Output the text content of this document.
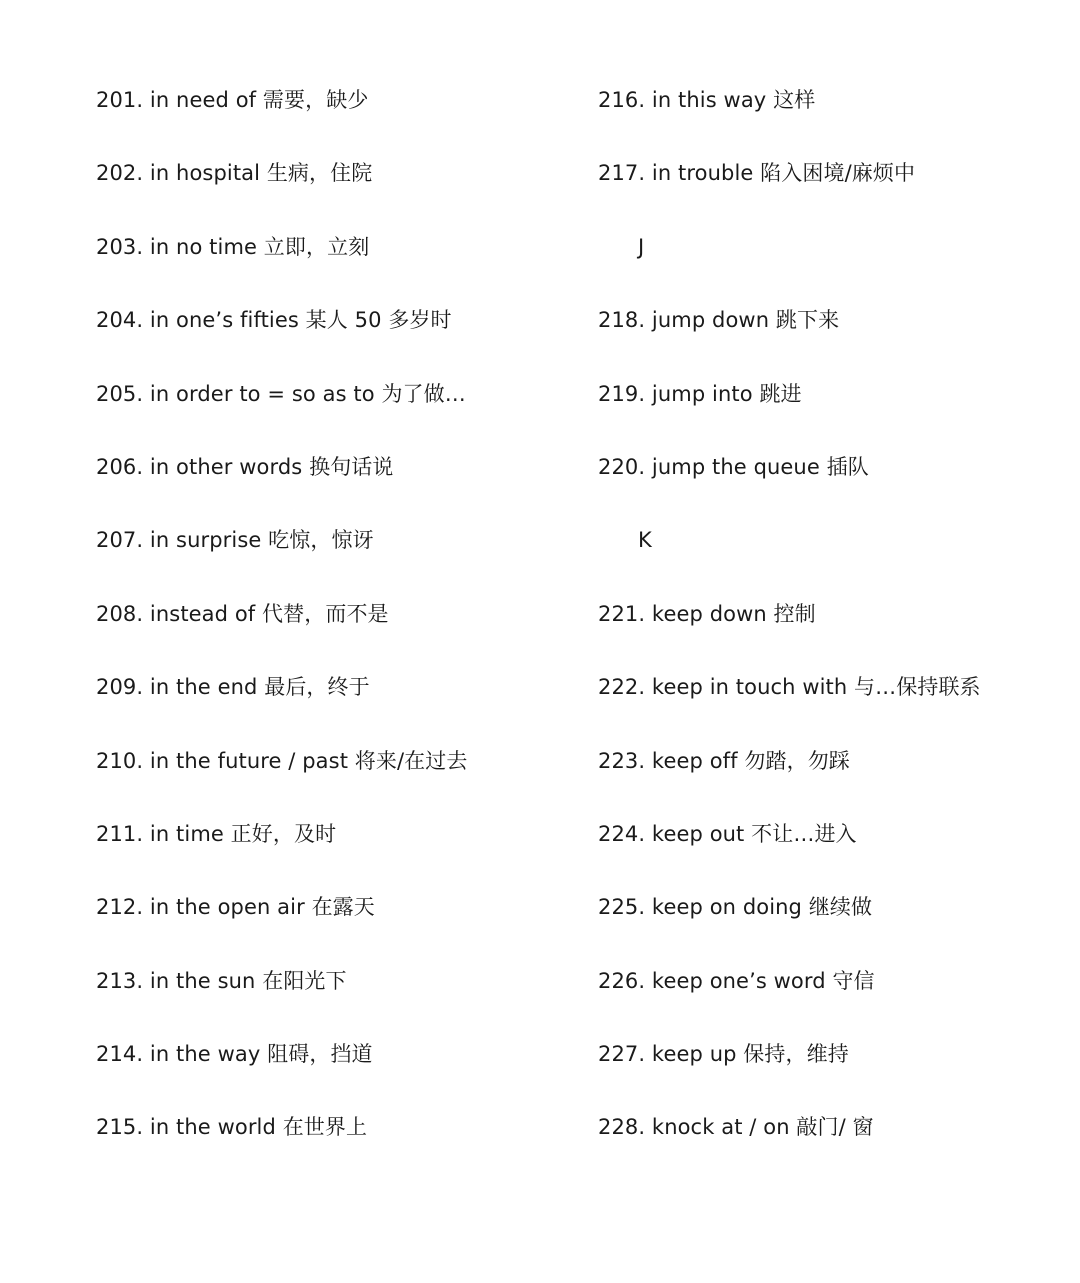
201. in need of 需要，缺少
202. in hospital 生病，住院
203. in no time 立即，立刻
204. in one’s fifties 某人 50 多岁时
205. in order to = so as to 为了做…
206. in other words 换句话说
207. in surprise 吃惊，惊讶
208. instead of 代替，而不是
209. in the end 最后，终于
210. in the future / past 将来/在过去
211. in time 正好，及时
212. in the open air 在露天
213. in the sun 在阳光下
214. in the way 阻碍，挡道
215. in the world 在世界上
216. in this way 这样
217. in trouble 陷入困境/麻烦中
J
218. jump down 跳下来
219. jump into 跳进
220. jump the queue 插队
K
221. keep down 控制
222. keep in touch with 与…保持联系
223. keep off 勿踏，勿踩
224. keep out 不让…进入
225. keep on doing 继续做
226. keep one’s word 守信
227. keep up 保持，维持
228. knock at / on 敲门/ 窗
